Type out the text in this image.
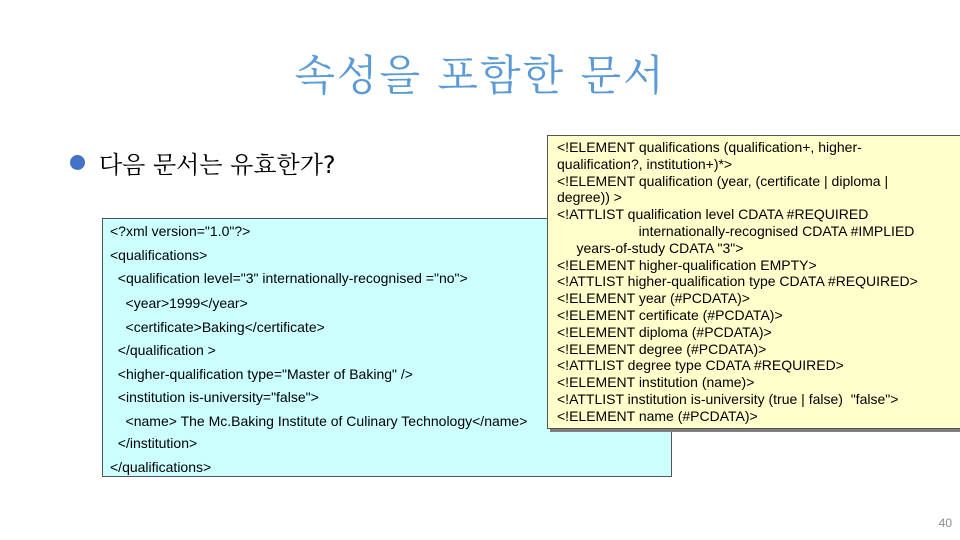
속성을 포함한 문서
다음 문서는 유효한가?
<?xml version="1.0"?>
<qualifications>
<qualification level="3" internationally-recognised ="no">
<year>1999</year>
<certificate>Baking</certificate>
</qualification >
<higher-qualification type="Master of Baking" />
<institution is-university="false">
<name> The Mc.Baking Institute of Culinary Technology</name>
</institution>
</qualifications>
<!ELEMENT qualifications (qualification+, higher-
qualification?, institution+)*>
<!ELEMENT qualification (year, (certificate | diploma |
degree)) >
<!ATTLIST qualification level CDATA #REQUIRED
internationally-recognised CDATA #IMPLIED
years-of-study CDATA "3">
<!ELEMENT higher-qualification EMPTY>
<!ATTLIST higher-qualification type CDATA #REQUIRED>
<!ELEMENT year (#PCDATA)>
<!ELEMENT certificate (#PCDATA)>
<!ELEMENT diploma (#PCDATA)>
<!ELEMENT degree (#PCDATA)>
<!ATTLIST degree type CDATA #REQUIRED>
<!ELEMENT institution (name)>
<!ATTLIST institution is-university (true | false)  "false">
<!ELEMENT name (#PCDATA)>
40
